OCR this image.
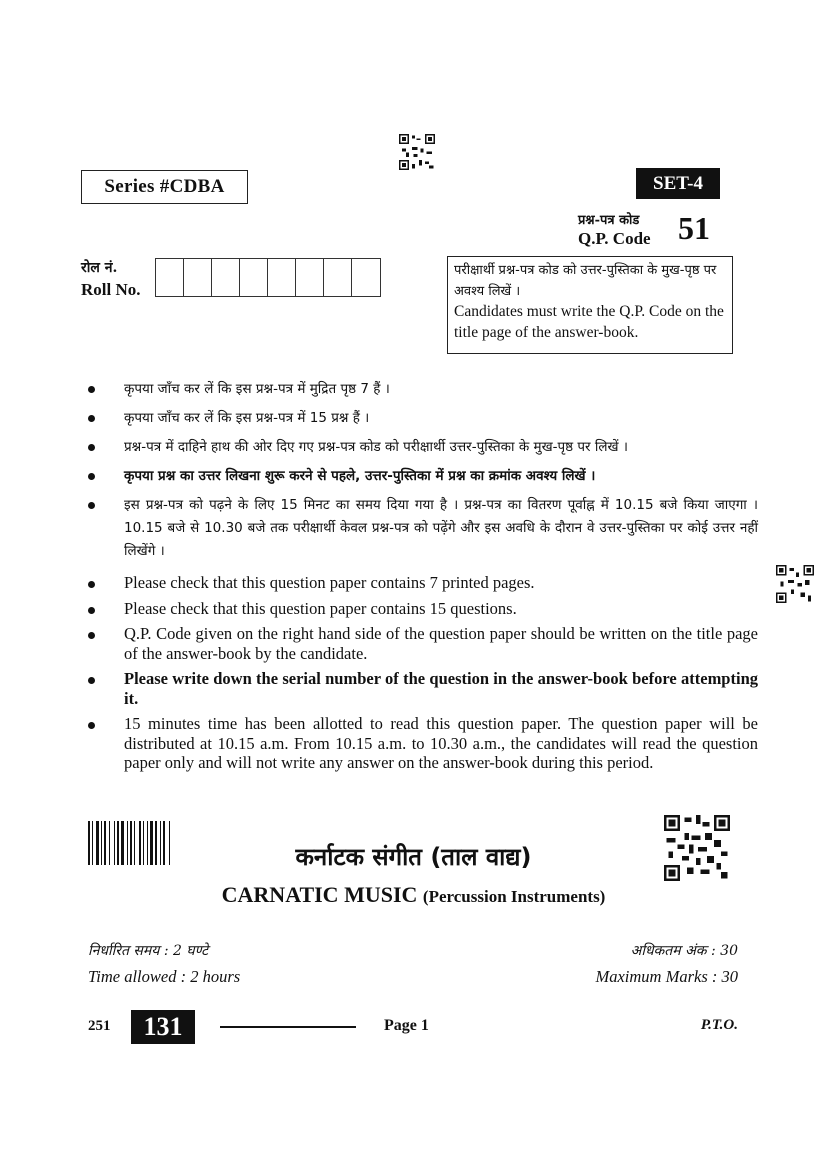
Series #CDBA	SET-4
प्रश्न-पत्र कोड
Q.P. Code 51
रोल नं.
Roll No.
परीक्षार्थी प्रश्न-पत्र कोड को उत्तर-पुस्तिका के मुख-पृष्ठ पर अवश्य लिखें ।
Candidates must write the Q.P. Code on the title page of the answer-book.
कृपया जाँच कर लें कि इस प्रश्न-पत्र में मुद्रित पृष्ठ 7 हैं ।
कृपया जाँच कर लें कि इस प्रश्न-पत्र में 15 प्रश्न हैं ।
प्रश्न-पत्र में दाहिने हाथ की ओर दिए गए प्रश्न-पत्र कोड को परीक्षार्थी उत्तर-पुस्तिका के मुख-पृष्ठ पर लिखें ।
कृपया प्रश्न का उत्तर लिखना शुरू करने से पहले, उत्तर-पुस्तिका में प्रश्न का क्रमांक अवश्य लिखें ।
इस प्रश्न-पत्र को पढ़ने के लिए 15 मिनट का समय दिया गया है । प्रश्न-पत्र का वितरण पूर्वाह्न में 10.15 बजे किया जाएगा । 10.15 बजे से 10.30 बजे तक परीक्षार्थी केवल प्रश्न-पत्र को पढ़ेंगे और इस अवधि के दौरान वे उत्तर-पुस्तिका पर कोई उत्तर नहीं लिखेंगे ।
Please check that this question paper contains 7 printed pages.
Please check that this question paper contains 15 questions.
Q.P. Code given on the right hand side of the question paper should be written on the title page of the answer-book by the candidate.
Please write down the serial number of the question in the answer-book before attempting it.
15 minutes time has been allotted to read this question paper. The question paper will be distributed at 10.15 a.m. From 10.15 a.m. to 10.30 a.m., the candidates will read the question paper only and will not write any answer on the answer-book during this period.
कर्नाटक संगीत (ताल वाद्य)
CARNATIC MUSIC (Percussion Instruments)
निर्धारित समय : 2 घण्टे
Time allowed : 2 hours
अधिकतम अंक : 30
Maximum Marks : 30
251	131	Page 1	P.T.O.
